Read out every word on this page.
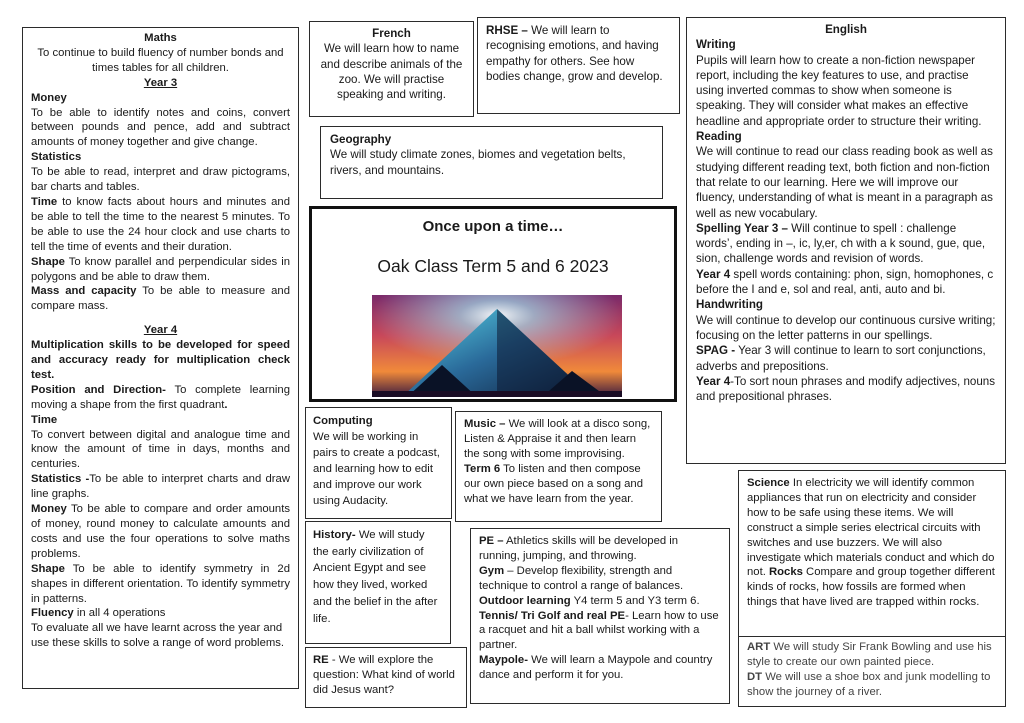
Maths

To continue to build fluency of number bonds and times tables for all children.

Year 3

Money

To be able to identify notes and coins, convert between pounds and pence, add and subtract amounts of money together and give change.

Statistics

To be able to read, interpret and draw pictograms, bar charts and tables.

Time to know facts about hours and minutes and be able to tell the time to the nearest 5 minutes. To be able to use the 24 hour clock and use charts to tell the time of events and their duration.

Shape To know parallel and perpendicular sides in polygons and be able to draw them.

Mass and capacity To be able to measure and compare mass.

Year 4

Multiplication skills to be developed for speed and accuracy ready for multiplication check test.

Position and Direction- To complete learning moving a shape from the first quadrant.

Time

To convert between digital and analogue time and know the amount of time in days, months and centuries.

Statistics -To be able to interpret charts and draw line graphs.

Money To be able to compare and order amounts of money, round money to calculate amounts and costs and use the four operations to solve maths problems.

Shape To be able to identify symmetry in 2d shapes in different orientation. To identify symmetry in patterns.

Fluency in all 4 operations

To evaluate all we have learnt across the year and use these skills to solve a range of word problems.

French

We will learn how to name and describe animals of the zoo. We will practise speaking and writing.

RHSE – We will learn to recognising emotions, and having empathy for others. See how bodies change, grow and develop.

Geography

We will study climate zones, biomes and vegetation belts, rivers, and mountains.

Once upon a time…
Oak Class Term 5 and 6 2023

English

Writing

Pupils will learn how to create a non-fiction newspaper report, including the key features to use, and practise using inverted commas to show when someone is speaking. They will consider what makes an effective headline and appropriate order to structure their writing.

Reading

We will continue to read our class reading book as well as studying different reading text, both fiction and non-fiction that relate to our learning. Here we will improve our fluency, understanding of what is meant in a paragraph as well as new vocabulary.

Spelling Year 3 – Will continue to spell : challenge words’, ending in –, ic, ly,er, ch with a k sound, gue, que, sion, challenge words and revision of words.

Year 4 spell words containing: phon, sign, homophones, c before the I and e, sol and real, anti, auto and bi.

Handwriting

We will continue to develop our continuous cursive writing; focusing on the letter patterns in our spellings.

SPAG - Year 3 will continue to learn to sort conjunctions, adverbs and prepositions.

Year 4-To sort noun phrases and modify adjectives, nouns and prepositional phrases.

Computing

We will be working in pairs to create a podcast, and learning how to edit and improve our work using Audacity.

Music – We will look at a disco song, Listen & Appraise it and then learn the song with some improvising.

Term 6 To listen and then compose our own piece based on a song and what we have learn from the year.

History- We will study the early civilization of Ancient Egypt and see how they lived, worked and the belief in the after life.

RE - We will explore the question: What kind of world did Jesus want?

PE – Athletics skills will be developed in running, jumping, and throwing.

Gym – Develop flexibility, strength and technique to control a range of balances.

Outdoor learning Y4 term 5 and Y3 term 6.

Tennis/ Tri Golf and real PE- Learn how to use a racquet and hit a ball whilst working with a partner.

Maypole- We will learn a Maypole and country dance and perform it for you.

Science In electricity we will identify common appliances that run on electricity and consider how to be safe using these items. We will construct a simple series electrical circuits with switches and use buzzers. We will also investigate which materials conduct and which do not. Rocks Compare and group together different kinds of rocks, how fossils are formed when things that have lived are trapped within rocks.

ART We will study Sir Frank Bowling and use his style to create our own painted piece.

DT We will use a shoe box and junk modelling to show the journey of a river.
